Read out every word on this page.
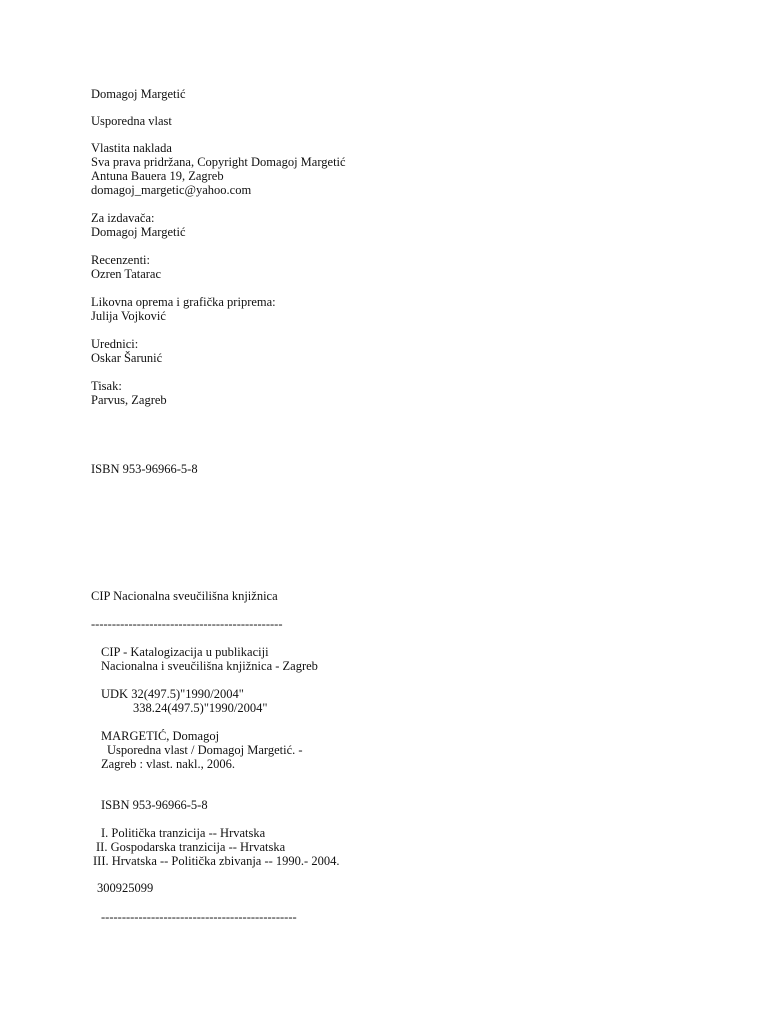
Domagoj Margetić

Usporedna vlast

Vlastita naklada

Sva prava pridržana, Copyright Domagoj Margetić

Antuna Bauera 19, Zagreb

domagoj_margetic@yahoo.com

Za izdavača:

Domagoj Margetić

Recenzenti:

Ozren Tatarac

Likovna oprema i grafička priprema:

Julija Vojković

Urednici:

Oskar Šarunić

Tisak:

Parvus, Zagreb

ISBN 953-96966-5-8

CIP Nacionalna sveučilišna knjižnica

----------------------------------------------

CIP - Katalogizacija u publikaciji

Nacionalna i sveučilišna knjižnica - Zagreb

UDK 32(497.5)"1990/2004"

338.24(497.5)"1990/2004"

MARGETIĆ, Domagoj

Usporedna vlast / Domagoj Margetić. -

Zagreb : vlast. nakl., 2006.

ISBN 953-96966-5-8

I. Politička tranzicija -- Hrvatska

II. Gospodarska tranzicija -- Hrvatska

III. Hrvatska -- Politička zbivanja -- 1990.- 2004.

300925099

-----------------------------------------------
